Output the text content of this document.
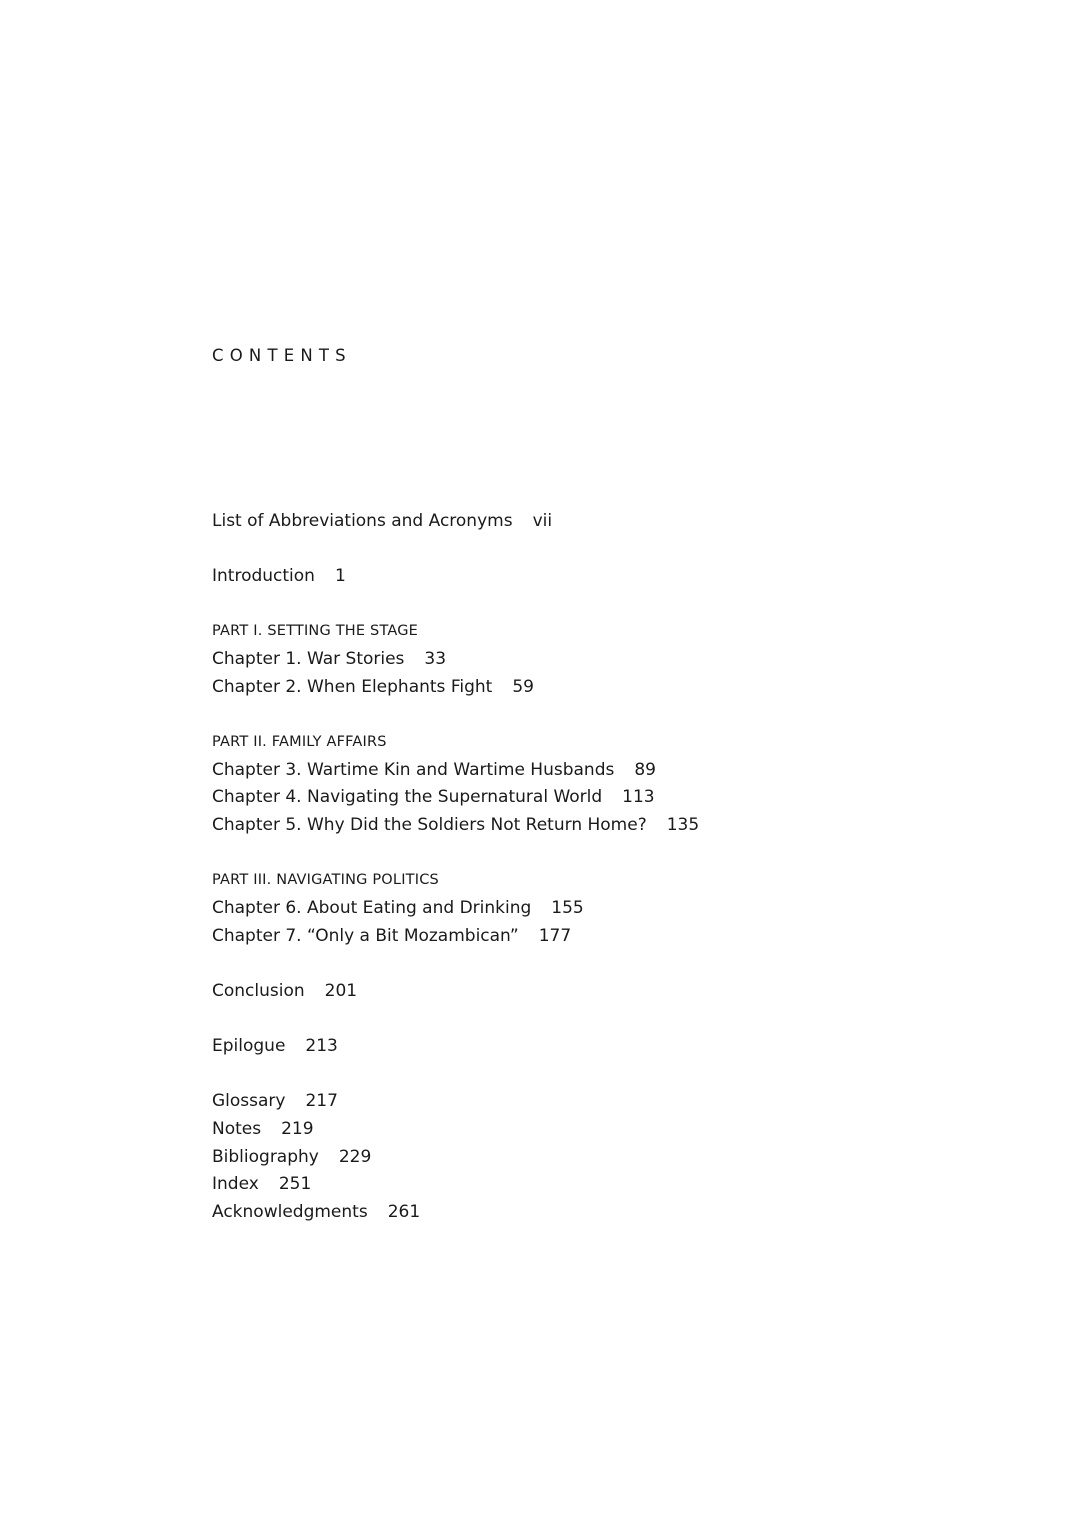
CONTENTS
List of Abbreviations and Acronyms vii
Introduction 1
PART I. SETTING THE STAGE
Chapter 1. War Stories 33
Chapter 2. When Elephants Fight 59
PART II. FAMILY AFFAIRS
Chapter 3. Wartime Kin and Wartime Husbands 89
Chapter 4. Navigating the Supernatural World 113
Chapter 5. Why Did the Soldiers Not Return Home? 135
PART III. NAVIGATING POLITICS
Chapter 6. About Eating and Drinking 155
Chapter 7. “Only a Bit Mozambican” 177
Conclusion 201
Epilogue 213
Glossary 217
Notes 219
Bibliography 229
Index 251
Acknowledgments 261
